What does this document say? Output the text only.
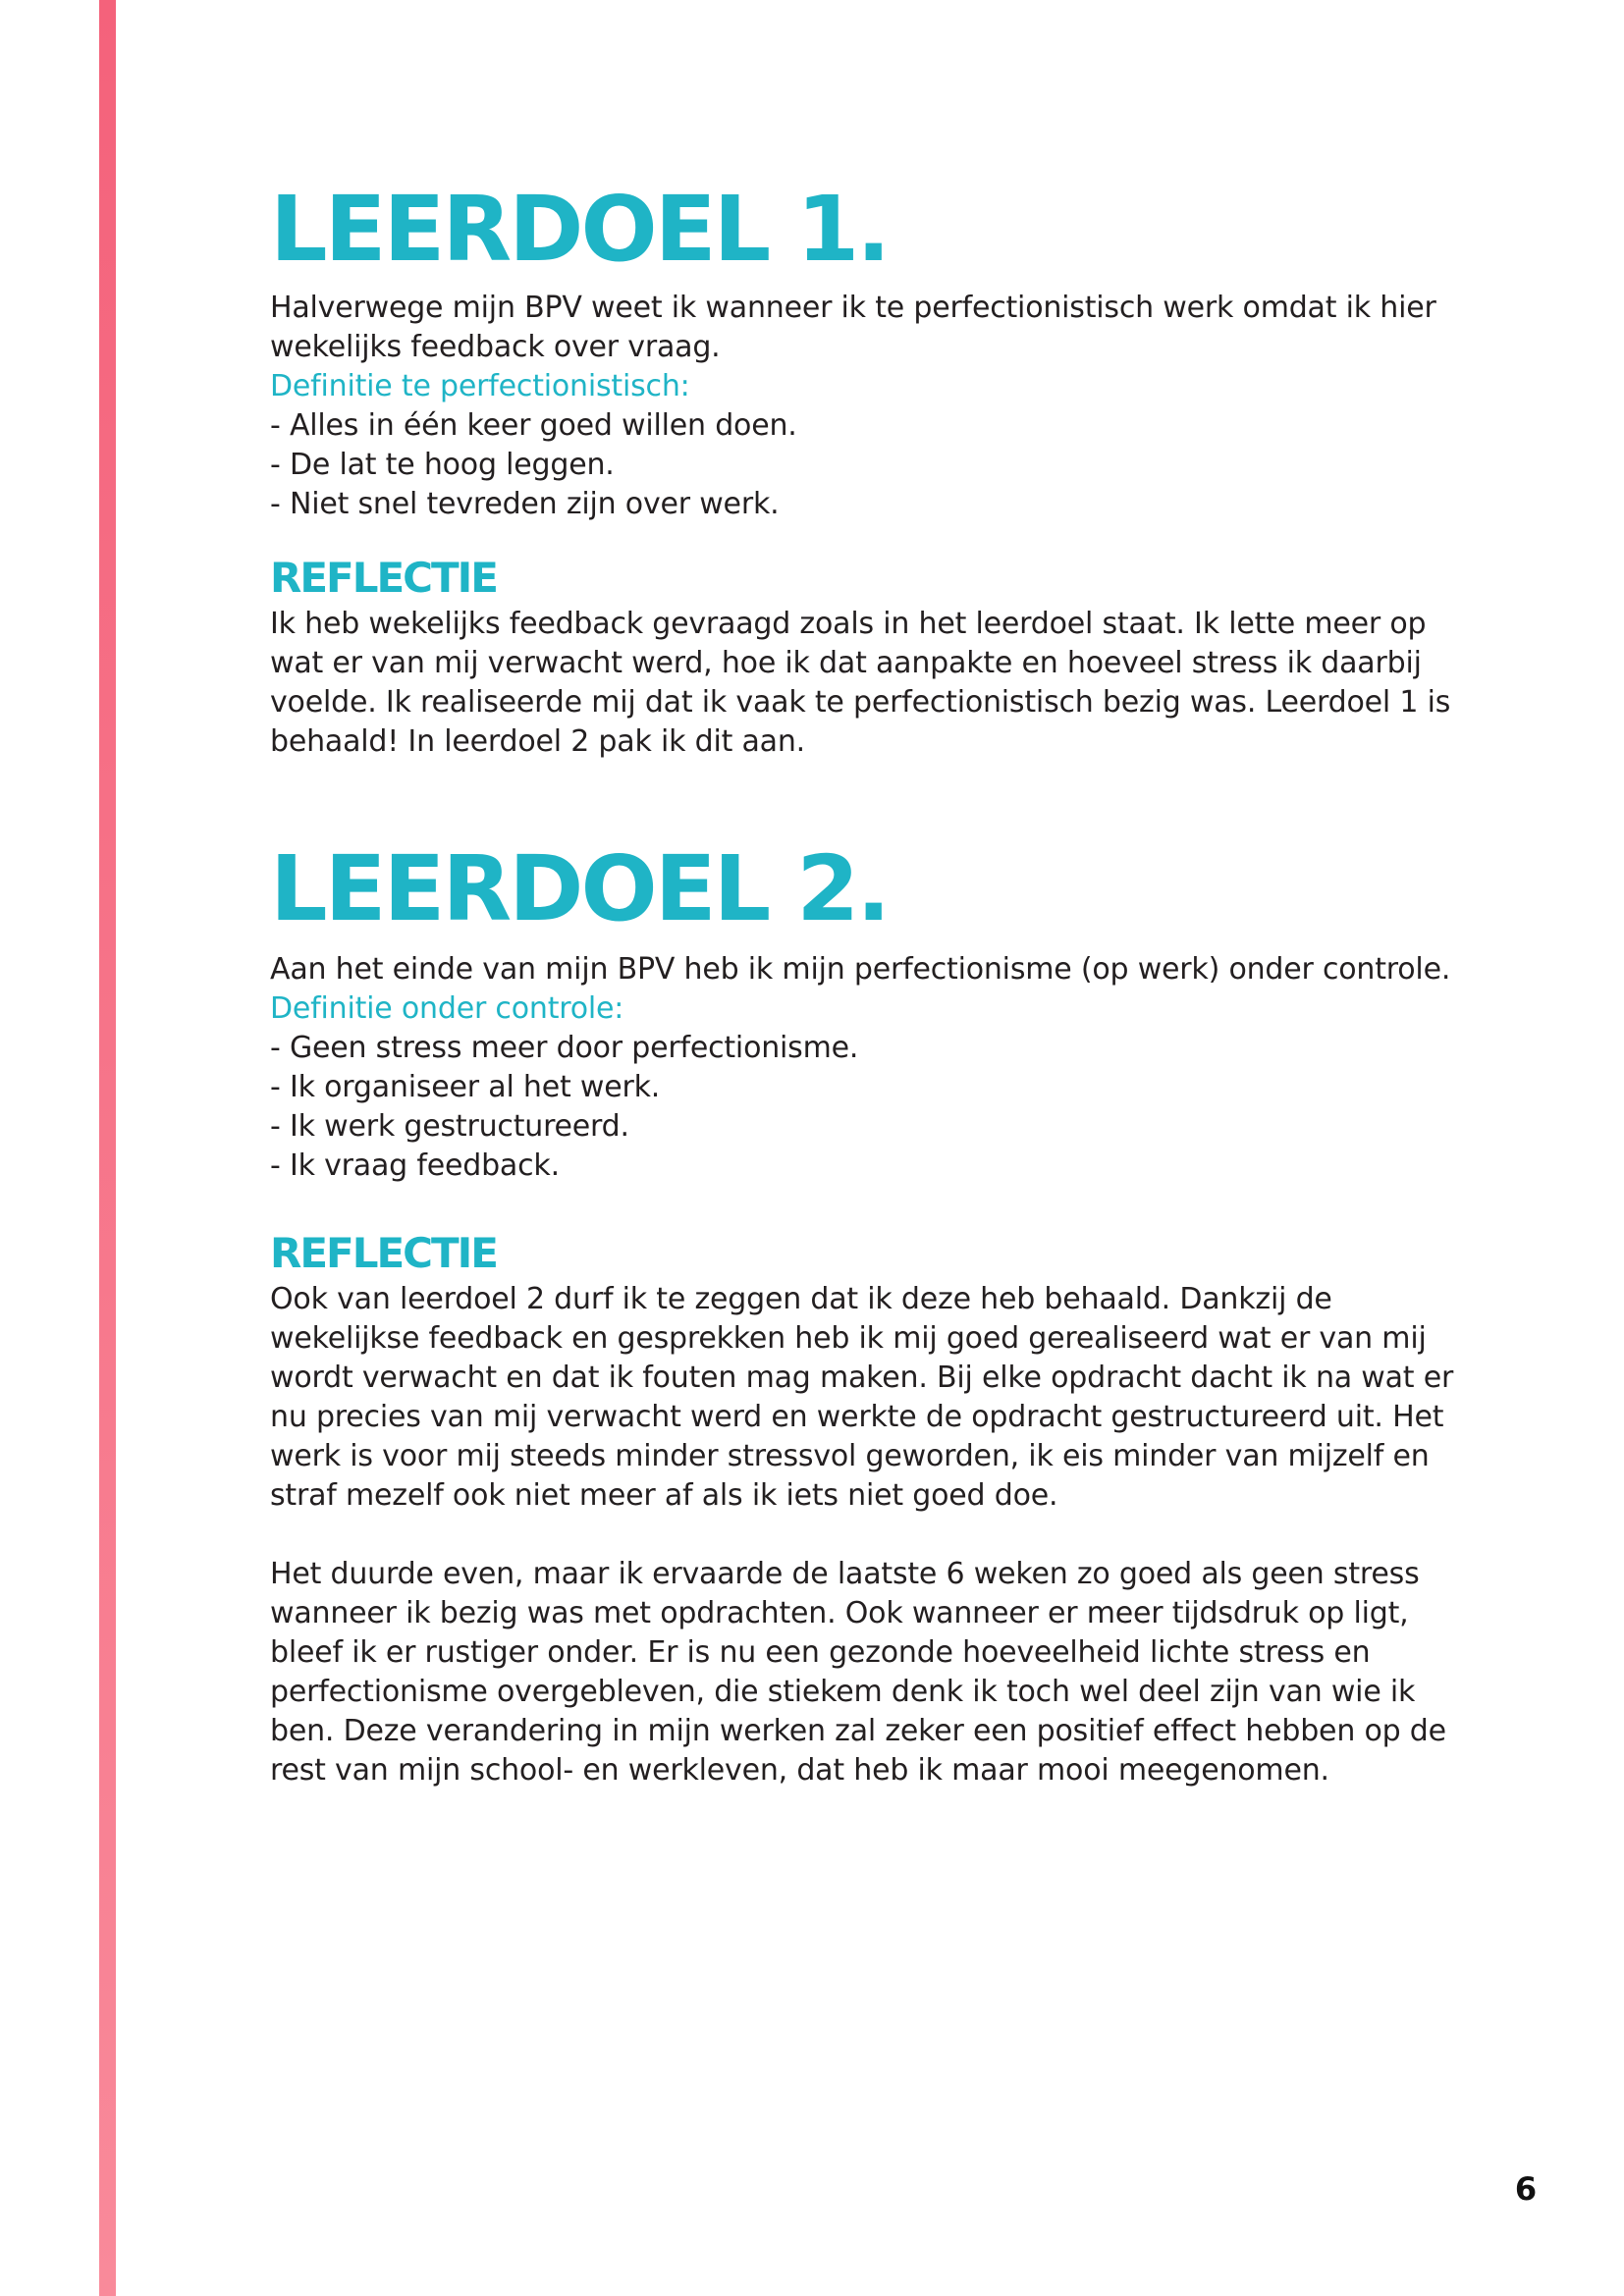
LEERDOEL 1.
Halverwege mijn BPV weet ik wanneer ik te perfectionistisch werk omdat ik hier
wekelijks feedback over vraag.
Definitie te perfectionistisch:
- Alles in één keer goed willen doen.
- De lat te hoog leggen.
- Niet snel tevreden zijn over werk.
REFLECTIE
Ik heb wekelijks feedback gevraagd zoals in het leerdoel staat. Ik lette meer op
wat er van mij verwacht werd, hoe ik dat aanpakte en hoeveel stress ik daarbij
voelde. Ik realiseerde mij dat ik vaak te perfectionistisch bezig was. Leerdoel 1 is
behaald! In leerdoel 2 pak ik dit aan.
LEERDOEL 2.
Aan het einde van mijn BPV heb ik mijn perfectionisme (op werk) onder controle.
Definitie onder controle:
- Geen stress meer door perfectionisme.
- Ik organiseer al het werk.
- Ik werk gestructureerd.
- Ik vraag feedback.
REFLECTIE
Ook van leerdoel 2 durf ik te zeggen dat ik deze heb behaald. Dankzij de
wekelijkse feedback en gesprekken heb ik mij goed gerealiseerd wat er van mij
wordt verwacht en dat ik fouten mag maken. Bij elke opdracht dacht ik na wat er
nu precies van mij verwacht werd en werkte de opdracht gestructureerd uit. Het
werk is voor mij steeds minder stressvol geworden, ik eis minder van mijzelf en
straf mezelf ook niet meer af als ik iets niet goed doe.
Het duurde even, maar ik ervaarde de laatste 6 weken zo goed als geen stress
wanneer ik bezig was met opdrachten. Ook wanneer er meer tijdsdruk op ligt,
bleef ik er rustiger onder. Er is nu een gezonde hoeveelheid lichte stress en
perfectionisme overgebleven, die stiekem denk ik toch wel deel zijn van wie ik
ben. Deze verandering in mijn werken zal zeker een positief effect hebben op de
rest van mijn school- en werkleven, dat heb ik maar mooi meegenomen.
6
